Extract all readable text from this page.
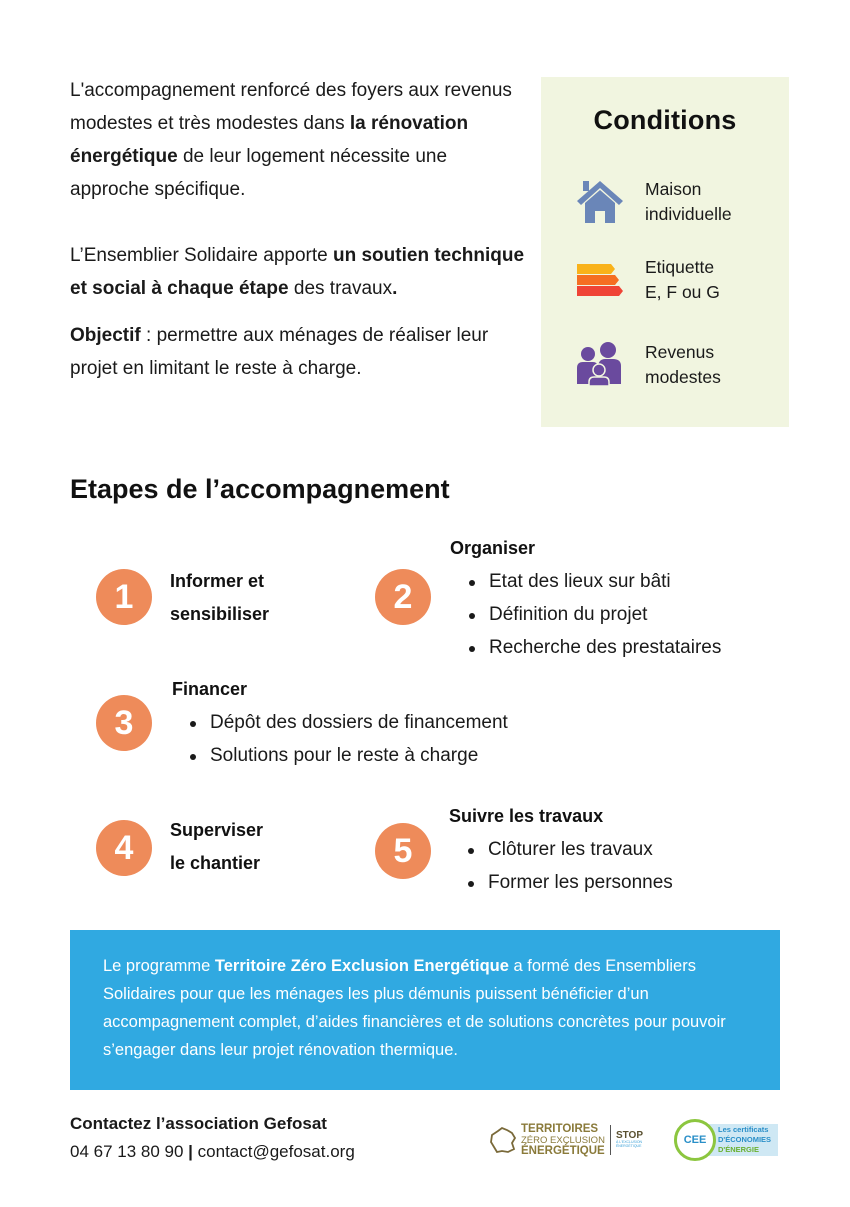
L'accompagnement renforcé des foyers aux revenus modestes et très modestes dans la rénovation énergétique de leur logement nécessite une approche spécifique.

L’Ensemblier Solidaire apporte un soutien technique et social à chaque étape des travaux.

Objectif : permettre aux ménages de réaliser leur projet en limitant le reste à charge.

Conditions
Maison
individuelle
Etiquette
E, F ou G
Revenus
modestes
Etapes de l’accompagnement
1	Informer et
sensibiliser	2
Organiser
Etat des lieux sur bâti
Définition du projet
Recherche des prestataires
3
Financer
Dépôt des dossiers de financement
Solutions pour le reste à charge
4	Superviser
le chantier	5
Suivre les travaux
Clôturer les travaux
Former les personnes

Le programme Territoire Zéro Exclusion Energétique a formé des Ensembliers Solidaires pour que les ménages les plus démunis puissent bénéficier d’un accompagnement complet, d’aides financières et de solutions concrètes pour pouvoir s’engager dans leur projet rénovation thermique.

Contactez l’association Gefosat
04 67 13 80 90 | contact@gefosat.org
TERRITOIRES
ZÉRO EXCLUSION
ÉNERGÉTIQUE
STOP
À L'EXCLUSION ÉNERGÉTIQUE	CEE
Les certificats
D'ÉCONOMIES
D'ÉNERGIE
